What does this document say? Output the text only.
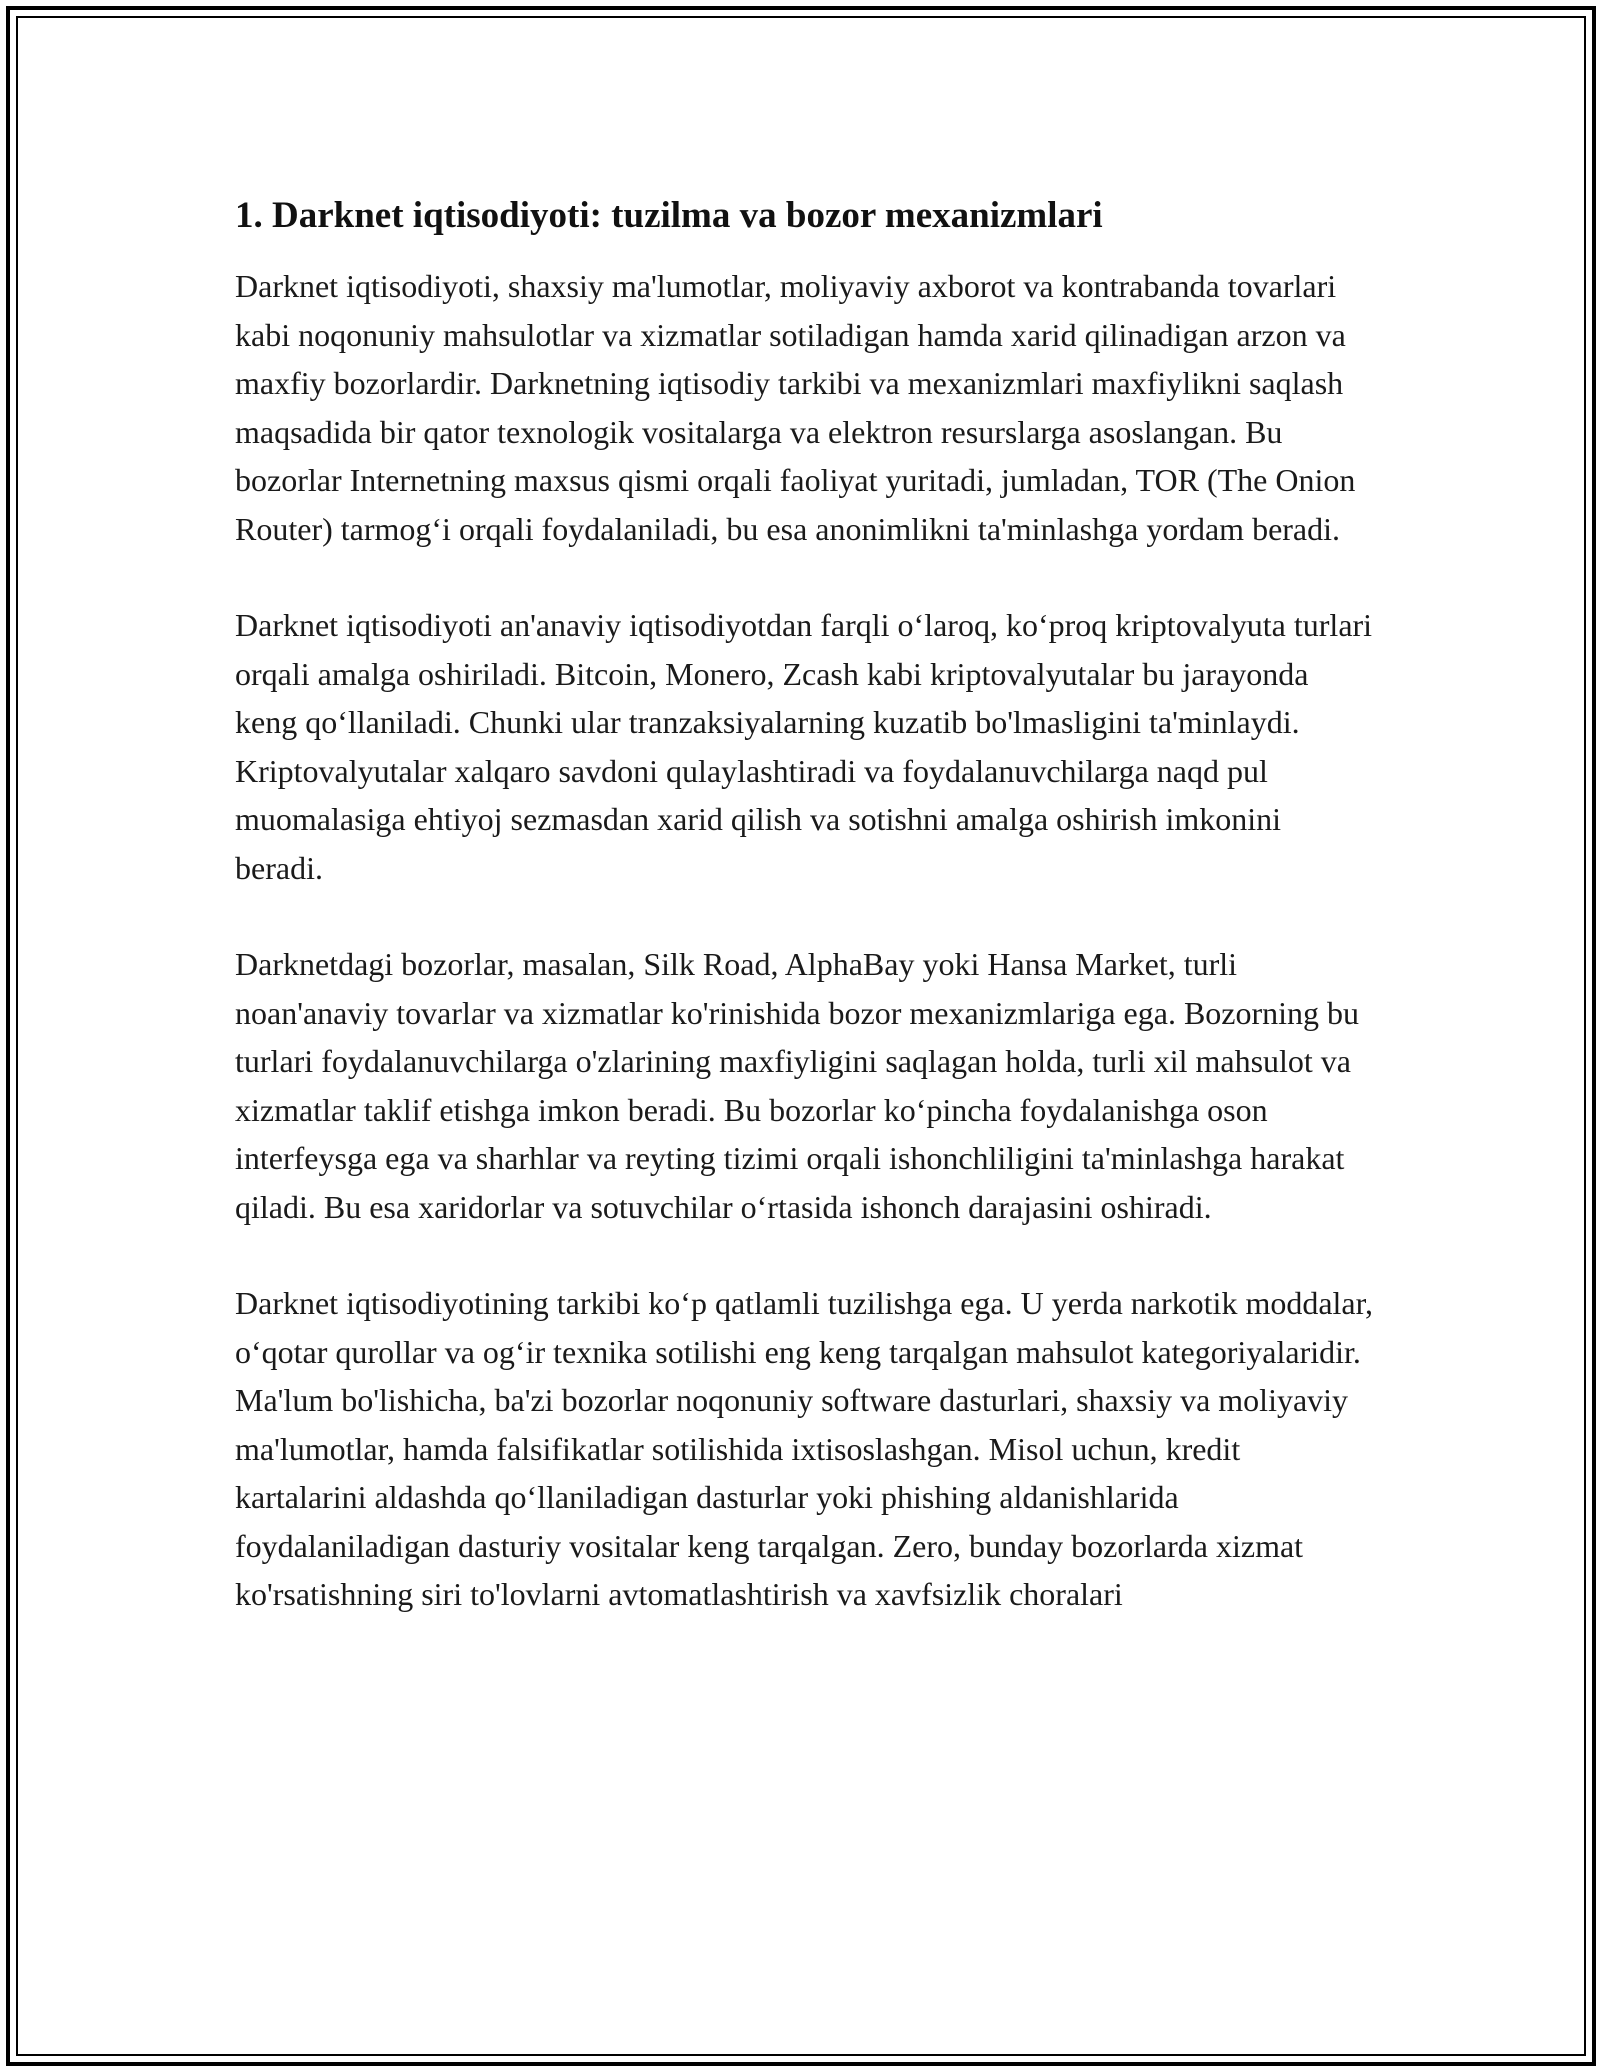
1. Darknet iqtisodiyoti: tuzilma va bozor mexanizmlari

Darknet iqtisodiyoti, shaxsiy ma'lumotlar, moliyaviy axborot va kontrabanda tovarlari kabi noqonuniy mahsulotlar va xizmatlar sotiladigan hamda xarid qilinadigan arzon va maxfiy bozorlardir. Darknetning iqtisodiy tarkibi va mexanizmlari maxfiylikni saqlash maqsadida bir qator texnologik vositalarga va elektron resurslarga asoslangan. Bu bozorlar Internetning maxsus qismi orqali faoliyat yuritadi, jumladan, TOR (The Onion Router) tarmog‘i orqali foydalaniladi, bu esa anonimlikni ta'minlashga yordam beradi.

Darknet iqtisodiyoti an'anaviy iqtisodiyotdan farqli o‘laroq, ko‘proq kriptovalyuta turlari orqali amalga oshiriladi. Bitcoin, Monero, Zcash kabi kriptovalyutalar bu jarayonda keng qo‘llaniladi. Chunki ular tranzaksiyalarning kuzatib bo'lmasligini ta'minlaydi. Kriptovalyutalar xalqaro savdoni qulaylashtiradi va foydalanuvchilarga naqd pul muomalasiga ehtiyoj sezmasdan xarid qilish va sotishni amalga oshirish imkonini beradi.

Darknetdagi bozorlar, masalan, Silk Road, AlphaBay yoki Hansa Market, turli noan'anaviy tovarlar va xizmatlar ko'rinishida bozor mexanizmlariga ega. Bozorning bu turlari foydalanuvchilarga o'zlarining maxfiyligini saqlagan holda, turli xil mahsulot va xizmatlar taklif etishga imkon beradi. Bu bozorlar ko‘pincha foydalanishga oson interfeysga ega va sharhlar va reyting tizimi orqali ishonchliligini ta'minlashga harakat qiladi. Bu esa xaridorlar va sotuvchilar o‘rtasida ishonch darajasini oshiradi.

Darknet iqtisodiyotining tarkibi ko‘p qatlamli tuzilishga ega. U yerda narkotik moddalar, o‘qotar qurollar va og‘ir texnika sotilishi eng keng tarqalgan mahsulot kategoriyalaridir. Ma'lum bo'lishicha, ba'zi bozorlar noqonuniy software dasturlari, shaxsiy va moliyaviy ma'lumotlar, hamda falsifikatlar sotilishida ixtisoslashgan. Misol uchun, kredit kartalarini aldashda qo‘llaniladigan dasturlar yoki phishing aldanishlarida foydalaniladigan dasturiy vositalar keng tarqalgan. Zero, bunday bozorlarda xizmat ko'rsatishning siri to'lovlarni avtomatlashtirish va xavfsizlik choralari
